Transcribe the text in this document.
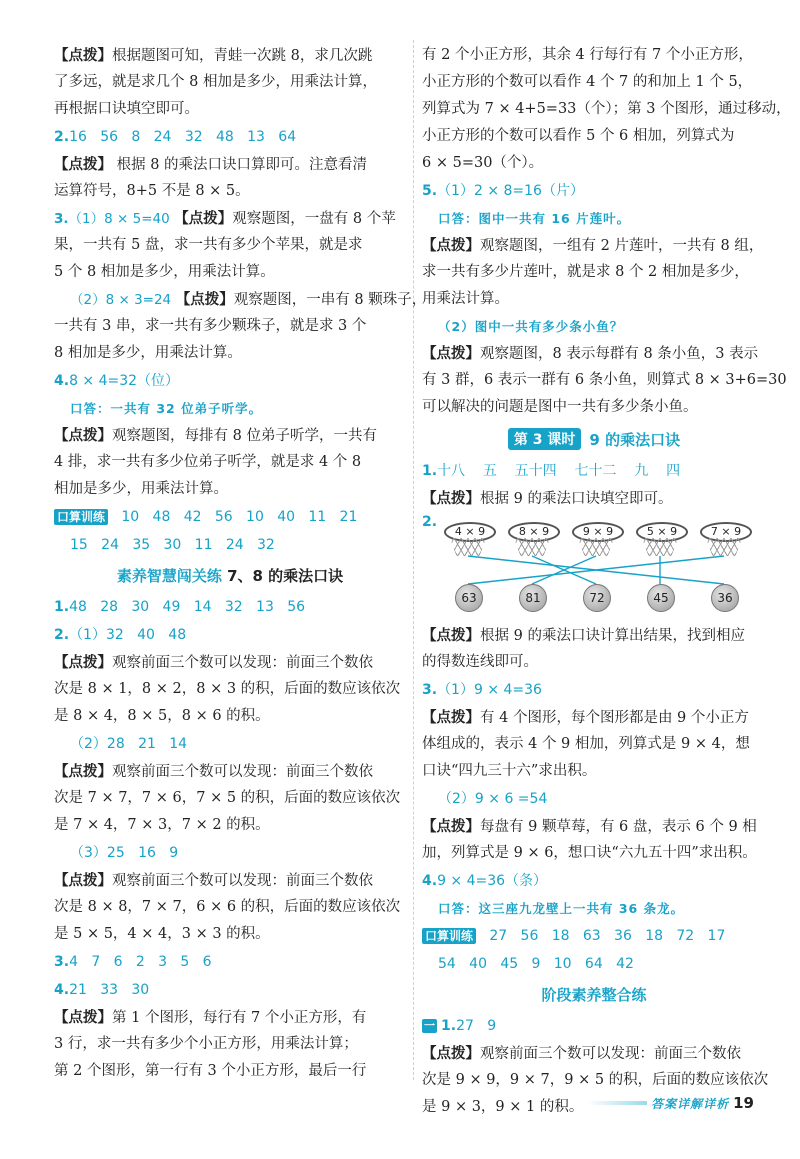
【点拨】根据题图可知，青蛙一次跳 8，求几次跳
了多远，就是求几个 8 相加是多少，用乘法计算，
再根据口诀填空即可。
2.16   56   8   24   32   48   13   64
【点拨】 根据 8 的乘法口诀口算即可。注意看清
运算符号，8+5 不是 8 × 5。
3.（1）8 × 5=40 【点拨】观察题图，一盘有 8 个苹
果，一共有 5 盘，求一共有多少个苹果，就是求
5 个 8 相加是多少，用乘法计算。
（2）8 × 3=24 【点拨】观察题图，一串有 8 颗珠子，
一共有 3 串，求一共有多少颗珠子，就是求 3 个
8 相加是多少，用乘法计算。
4.8 × 4=32（位）
口答：一共有 32 位弟子听学。
【点拨】观察题图，每排有 8 位弟子听学，一共有
4 排，求一共有多少位弟子听学，就是求 4 个 8
相加是多少，用乘法计算。
口算训练 10   48   42   56   10   40   11   21
15   24   35   30   11   24   32
素养智慧闯关练 7、8 的乘法口诀
1.48   28   30   49   14   32   13   56
2.（1）32   40   48
【点拨】观察前面三个数可以发现：前面三个数依
次是 8 × 1，8 × 2，8 × 3 的积，后面的数应该依次
是 8 × 4，8 × 5，8 × 6 的积。
（2）28   21   14
【点拨】观察前面三个数可以发现：前面三个数依
次是 7 × 7，7 × 6，7 × 5 的积，后面的数应该依次
是 7 × 4，7 × 3，7 × 2 的积。
（3）25   16   9
【点拨】观察前面三个数可以发现：前面三个数依
次是 8 × 8，7 × 7，6 × 6 的积，后面的数应该依次
是 5 × 5，4 × 4，3 × 3 的积。
3.4   7   6   2   3   5   6
4.21   33   30
【点拨】第 1 个图形，每行有 7 个小正方形，有
3 行，求一共有多少个小正方形，用乘法计算；
第 2 个图形，第一行有 3 个小正方形，最后一行
有 2 个小正方形，其余 4 行每行有 7 个小正方形，
小正方形的个数可以看作 4 个 7 的和加上 1 个 5，
列算式为 7 × 4+5=33（个）；第 3 个图形，通过移动，
小正方形的个数可以看作 5 个 6 相加，列算式为
6 × 5=30（个）。
5.（1）2 × 8=16（片）
口答：图中一共有 16 片莲叶。
【点拨】观察题图，一组有 2 片莲叶，一共有 8 组，
求一共有多少片莲叶，就是求 8 个 2 相加是多少，
用乘法计算。
（2）图中一共有多少条小鱼？
【点拨】观察题图，8 表示每群有 8 条小鱼，3 表示
有 3 群，6 表示一群有 6 条小鱼，则算式 8 × 3+6=30
可以解决的问题是图中一共有多少条小鱼。
第 3 课时 9 的乘法口诀
1.十八    五    五十四    七十二    九    四
【点拨】根据 9 的乘法口诀填空即可。
2.
4 × 9	8 × 9	9 × 9	5 × 9	7 × 9
63	81	72	45	36
【点拨】根据 9 的乘法口诀计算出结果，找到相应
的得数连线即可。
3.（1）9 × 4=36
【点拨】有 4 个图形，每个图形都是由 9 个小正方
体组成的，表示 4 个 9 相加，列算式是 9 × 4，想
口诀“四九三十六”求出积。
（2）9 × 6 =54
【点拨】每盘有 9 颗草莓，有 6 盘，表示 6 个 9 相
加，列算式是 9 × 6，想口诀“六九五十四”求出积。
4.9 × 4=36（条）
口答：这三座九龙壁上一共有 36 条龙。
口算训练 27   56   18   63   36   18   72   17
54   40   45   9   10   64   42
阶段素养整合练
一 1.27   9
【点拨】观察前面三个数可以发现：前面三个数依
次是 9 × 9，9 × 7，9 × 5 的积，后面的数应该依次
是 9 × 3，9 × 1 的积。	答案详解详析 19
